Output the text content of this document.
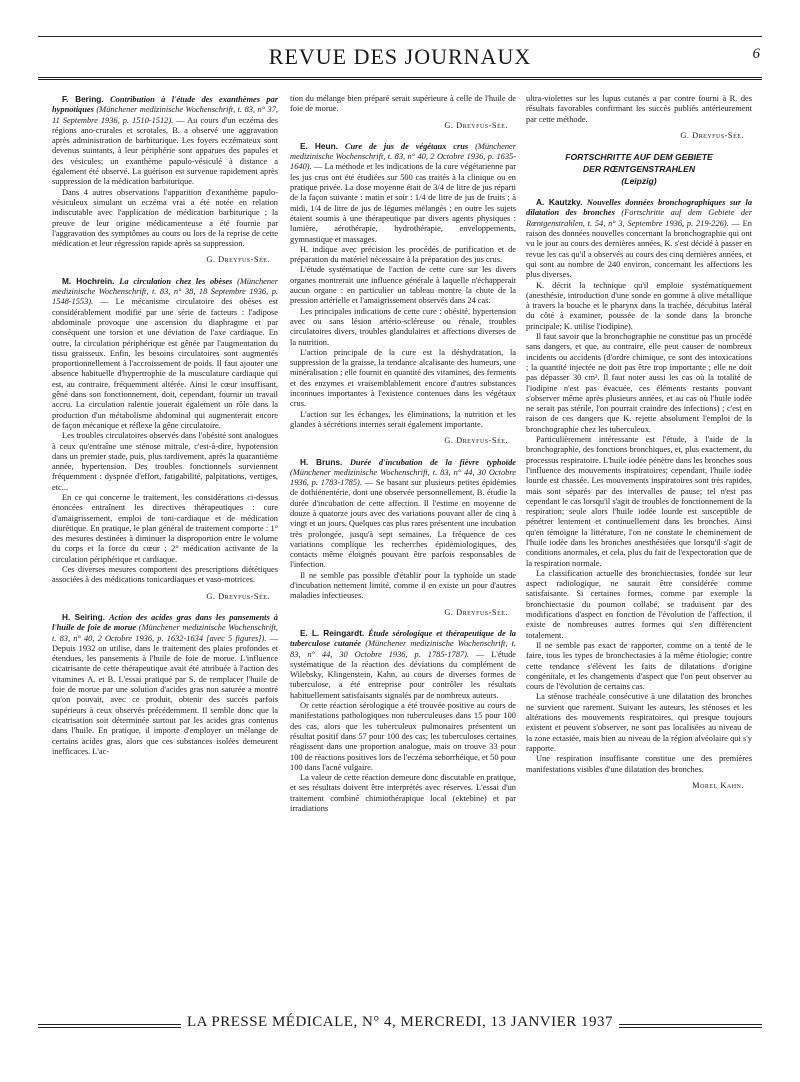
REVUE DES JOURNAUX	6

F. Bering. Contribution à l'étude des exanthèmes par hypnotiques (Münchener medizinische Wochenschrift, t. 83, n° 37, 11 Septembre 1936, p. 1510-1512). — Au cours d'un eczéma des régions ano-crurales et scrotales, B. a observé une aggravation après administration de barbiturique. Les foyers eczémateux sont devenus suintants, à leur périphérie sont apparues des papules et des vésicules; un exanthème papulo-vésiculé à distance a également été observé. La guérison est survenue rapidement après suppression de la médication barbiturique.

Dans 4 autres observations l'apparition d'exanthème papulo-vésiculeux simulant un eczéma vrai a été notée en relation indiscutable avec l'application de médication barbiturique ; la preuve de leur origine médicamenteuse a été fournie par l'aggravation des symptômes au cours ou lors de la reprise de cette médication et leur régression rapide après sa suppression.

G. Dreyfus-Sée.

M. Hochrein. La circulation chez les obèses (Münchener medizinische Wochenschrift, t. 83, n° 38, 18 Septembre 1936, p. 1548-1553). — Le mécanisme circulatoire des obèses est considérablement modifié par une série de facteurs : l'adipose abdominale provoque une ascension du diaphragme et par conséquent une torsion et une déviation de l'axe cardiaque. En outre, la circulation périphérique est gênée par l'augmentation du tissu graisseux. Enfin, les besoins circulatoires sont augmentés proportionnellement à l'accroissement de poids. Il faut ajouter une absence habituelle d'hypertrophie de la musculature cardiaque qui est, au contraire, fréquemment altérée. Ainsi le cœur insuffisant, gêné dans son fonctionnement, doit, cependant, fournir un travail accru. La circulation ralentie jouerait également un rôle dans la production d'un métabolisme abdominal qui augmenterait encore de façon mécanique et réflexe la gêne circulatoire.

Les troubles circulatoires observés dans l'obésité sont analogues à ceux qu'entraîne une sténose mitrale, c'est-à-dire, hypotension dans un premier stade, puis, plus tardivement, après la quarantième année, hypertension. Des troubles fonctionnels surviennent fréquemment : dyspnée d'effort, fatigabilité, palpitations, vertiges, etc...

En ce qui concerne le traitement, les considérations ci-dessus énoncées entraînent les directives thérapeutiques : cure d'amaigrissement, emploi de toni-cardiaque et de médication diurétique. En pratique, le plan général de traitement comporte : 1° des mesures destinées à diminuer la disproportion entre le volume du corps et la force du cœur ; 2° médication activante de la circulation périphérique et cardiaque.

Ces diverses mesures comportent des prescriptions diététiques associées à des médications tonicardiaques et vaso-motrices.

G. Dreyfus-Sée.

H. Seiring. Action des acides gras dans les pansements à l'huile de foie de morue (Münchener medizinische Wochenschrift, t. 83, n° 40, 2 Octobre 1936, p. 1632-1634 [avec 5 figures]). — Depuis 1932 on utilise, dans le traitement des plaies profondes et étendues, les pansements à l'huile de foie de morue. L'influence cicatrisante de cette thérapeutique avait été attribuée à l'action des vitamines A. et B. L'essai pratiqué par S. de remplacer l'huile de foie de morue par une solution d'acides gras non saturée a montré qu'on pouvait, avec ce produit, obtenir des succès parfois supérieurs à ceux observés précédemment. Il semble donc que la cicatrisation soit déterminée surtout par les acides gras contenus dans l'huile. En pratique, il importe d'employer un mélange de certains acides gras, alors que ces substances isolées demeurent inefficaces. L'ac-

tion du mélange bien préparé serait supérieure à celle de l'huile de foie de morue.

G. Dreyfus-Sée.

E. Heun. Cure de jus de végétaux crus (Münchener medizinische Wochenschrift, t. 83, n° 40, 2 Octobre 1936, p. 1635-1640). — La méthode et les indications de la cure végétarienne par les jus crus ont été étudiées sur 500 cas traités à la clinique ou en pratique privée. La dose moyenne était de 3/4 de litre de jus réparti de la façon suivante : matin et soir : 1/4 de litre de jus de fruits ; à midi, 1/4 de litre de jus de légumes mélangés ; en outre les sujets étaient soumis à une thérapeutique par divers agents physiques : lumière, aérothérapie, hydrothérapie, enveloppements, gymnastique et massages.

H. indique avec précision les procédés de purification et de préparation du matériel nécessaire à la préparation des jus crus.

L'étude systématique de l'action de cette cure sur les divers organes montrerait une influence générale à laquelle n'échapperait aucun organe : en particulier un tableau montre la chute de la pression artérielle et l'amaigrissement observés dans 24 cas.

Les principales indications de cette cure : obésité, hypertension avec ou sans lésion artério-scléreuse ou rénale, troubles circulatoires divers, troubles glandulaires et affections diverses de la nutrition.

L'action principale de la cure est la déshydratation, la suppression de la graisse, la tendance alcalisante des humeurs, une minéralisation ; elle fournit en quantité des vitamines, des ferments et des enzymes et vraisemblablement encore d'autres substances inconnues importantes à l'existence contenues dans les végétaux crus.

L'action sur les échanges, les éliminations, la nutrition et les glandes à sécrétions internes serait également importante.

G. Dreyfus-Sée.

H. Bruns. Durée d'incubation de la fièvre typhoïde (Münchener medizinische Wochenschrift, t. 83, n° 44, 30 Octobre 1936, p. 1783-1785). — Se basant sur plusieurs petites épidémies de dothiénentérie, dont une observée personnellement, B. étudie la durée d'incubation de cette affection. Il l'estime en moyenne de douze à quatorze jours avec des variations pouvant aller de cinq à vingt et un jours. Quelques cas plus rares présentent une incubation très prolongée, jusqu'à sept semaines. La fréquence de ces variations complique les recherches épidémiologiques, des contacts même éloignés pouvant être parfois responsables de l'infection.

Il ne semble pas possible d'établir pour la typhoïde un stade d'incubation nettement limité, comme il en existe un pour d'autres maladies infectieuses.

G. Dreyfus-Sée.

E. L. Reingardt. Étude sérologique et thérapeutique de la tuberculose cutanée (Münchener medizinische Wochenschrift, t. 83, n° 44, 30 Octobre 1936, p. 1785-1787). — L'étude systématique de la réaction des déviations du complément de Wilebsky, Klingenstein, Kahn, au cours de diverses formes de tuberculose, a été entreprise pour contrôler les résultats habituellement satisfaisants signalés par de nombreux auteurs.

Or cette réaction sérologique a été trouvée positive au cours de manifestations pathologiques non tuberculeuses dans 15 pour 100 des cas, alors que les tuberculeux pulmonaires présentent un résultat positif dans 57 pour 100 des cas; les tuberculoses certaines réagissent dans une proportion analogue, mais on trouve 33 pour 100 de réactions positives lors de l'eczéma seborrhéique, et 50 pour 100 dans l'acné vulgaire.

La valeur de cette réaction demeure donc discutable en pratique, et ses résultats doivent être interprétés avec réserves. L'essai d'un traitement combiné chimiothérapique local (ektebine) et par irradiations

ultra-violettes sur les lupus cutanés a par contre fourni à R. des résultats favorables confirmant les succès publiés antérieurement par cette méthode.

G. Dreyfus-Sée.

FORTSCHRITTE AUF DEM GEBIETE
DER RŒNTGENSTRAHLEN
(Leipzig)

A. Kautzky. Nouvelles données bronchographiques sur la dilatation des bronches (Fortschritte auf dem Gebiete der Rœntgenstrahlen, t. 54, n° 3, Septembre 1936, p. 219-226). — En raison des données nouvelles concernant la bronchographie qui ont vu le jour au cours des dernières années, K. s'est décidé à passer en revue les cas qu'il a observés au cours des cinq dernières années, et qui sont au nombre de 240 environ, concernant les affections les plus diverses.

K. décrit la technique qu'il emploie systématiquement (anesthésie, introduction d'une sonde en gomme à olive métallique à travers la bouche et le pharynx dans la trachée, décubitus latéral du côté à examiner, poussée de la sonde dans la bronche principale; K. utilise l'iodipine).

Il faut savoir que la bronchographie ne constitue pas un procédé sans dangers, et que, au contraire, elle peut causer de nombreux incidents ou accidents (d'ordre chimique, ce sont des intoxications ; la quantité injectée ne doit pas être trop importante ; elle ne doit pas dépasser 30 cm³. Il faut noter aussi les cas où la totalité de l'iodipine n'est pas évacuée, ces éléments restants pouvant s'observer même après plusieurs années, et au cas où l'huile iodée ne serait pas stérile, l'on pourrait craindre des infections) ; c'est en raison de ces dangers que K. rejette absolument l'emploi de la bronchographie chez les tuberculeux.

Particulièrement intéressante est l'étude, à l'aide de la bronchographie, des fonctions bronchiques, et, plus exactement, du processus respiratoire. L'huile iodée pénètre dans les bronches sous l'influence des mouvements inspiratoires; cependant, l'huile iodée lourde est chassée. Les mouvements inspiratoires sont très rapides, mais sont séparés par des intervalles de pause; tel n'est pas cependant le cas lorsqu'il s'agit de troubles de fonctionnement de la respiration; seule alors l'huile iodée lourde est susceptible de pénétrer lentement et continuellement dans les bronches. Ainsi qu'en témoigne la littérature, l'on ne constate le cheminement de l'huile iodée dans les bronches anesthésiées que lorsqu'il s'agit de conditions anormales, et cela, plus du fait de l'expectoration que de la respiration normale.

La classification actuelle des bronchiectasies, fondée sur leur aspect radiologique, ne saurait être considérée comme satisfaisante. Si certaines formes, comme par exemple la bronchiectasie du poumon collabé, se traduisent par des modifications d'aspect en fonction de l'évolution de l'affection, il existe de nombreuses autres formes qui s'en différencient totalement.

Il ne semble pas exact de rapporter, comme on a tenté de le faire, tous les types de bronchectasies à la même étiologie; contre cette tendance s'élèvent les faits de dilatations d'origine congénitale, et les changements d'aspect que l'on peut observer au cours de l'évolution de certains cas.

La sténose trachéale consécutive à une dilatation des bronches ne survient que rarement. Suivant les auteurs, les sténoses et les altérations des mouvements respiratoires, qui presque toujours existent et peuvent s'observer, ne sont pas localisées au niveau de la zone ectasiée, mais bien au niveau de la région alvéolaire qui s'y rapporte.

Une respiration insuffisante constitue une des premières manifestations visibles d'une dilatation des bronches.

Morel Kahn.

LA PRESSE MÉDICALE, N° 4, MERCREDI, 13 JANVIER 1937
